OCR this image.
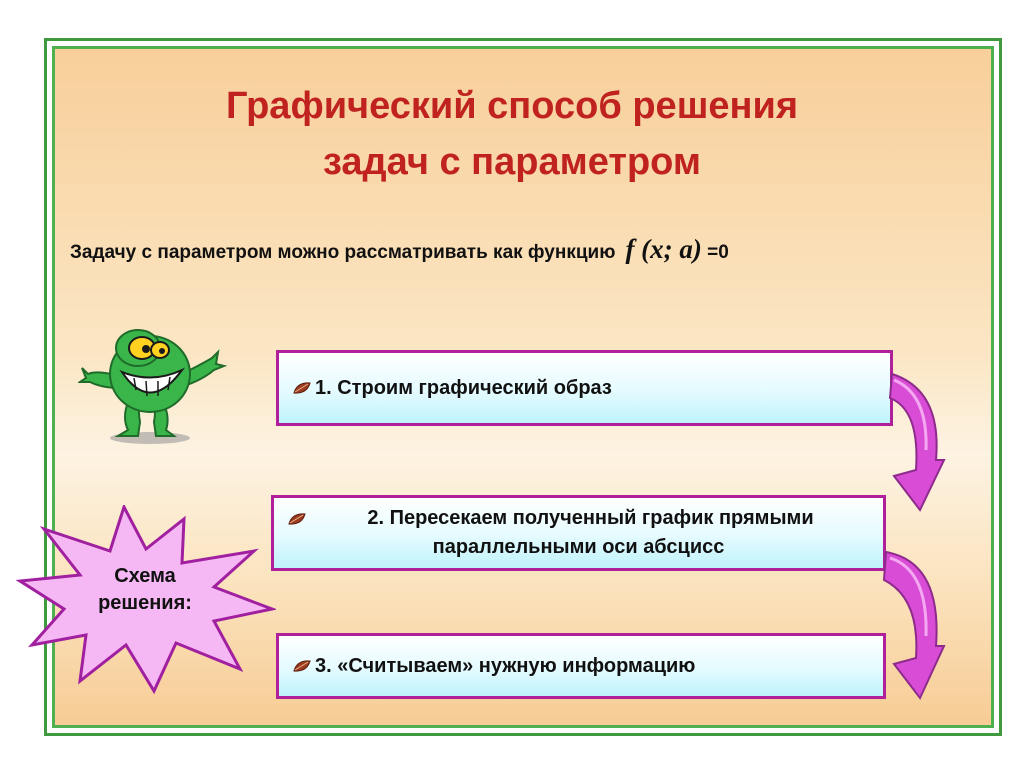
Графический способ решения
задач с параметром
Задачу с параметром можно рассматривать как функцию f (x; a) =0
1. Строим графический образ
2. Пересекаем полученный график прямыми
параллельными оси абсцисс
3. «Считываем» нужную информацию
Схема
решения:
